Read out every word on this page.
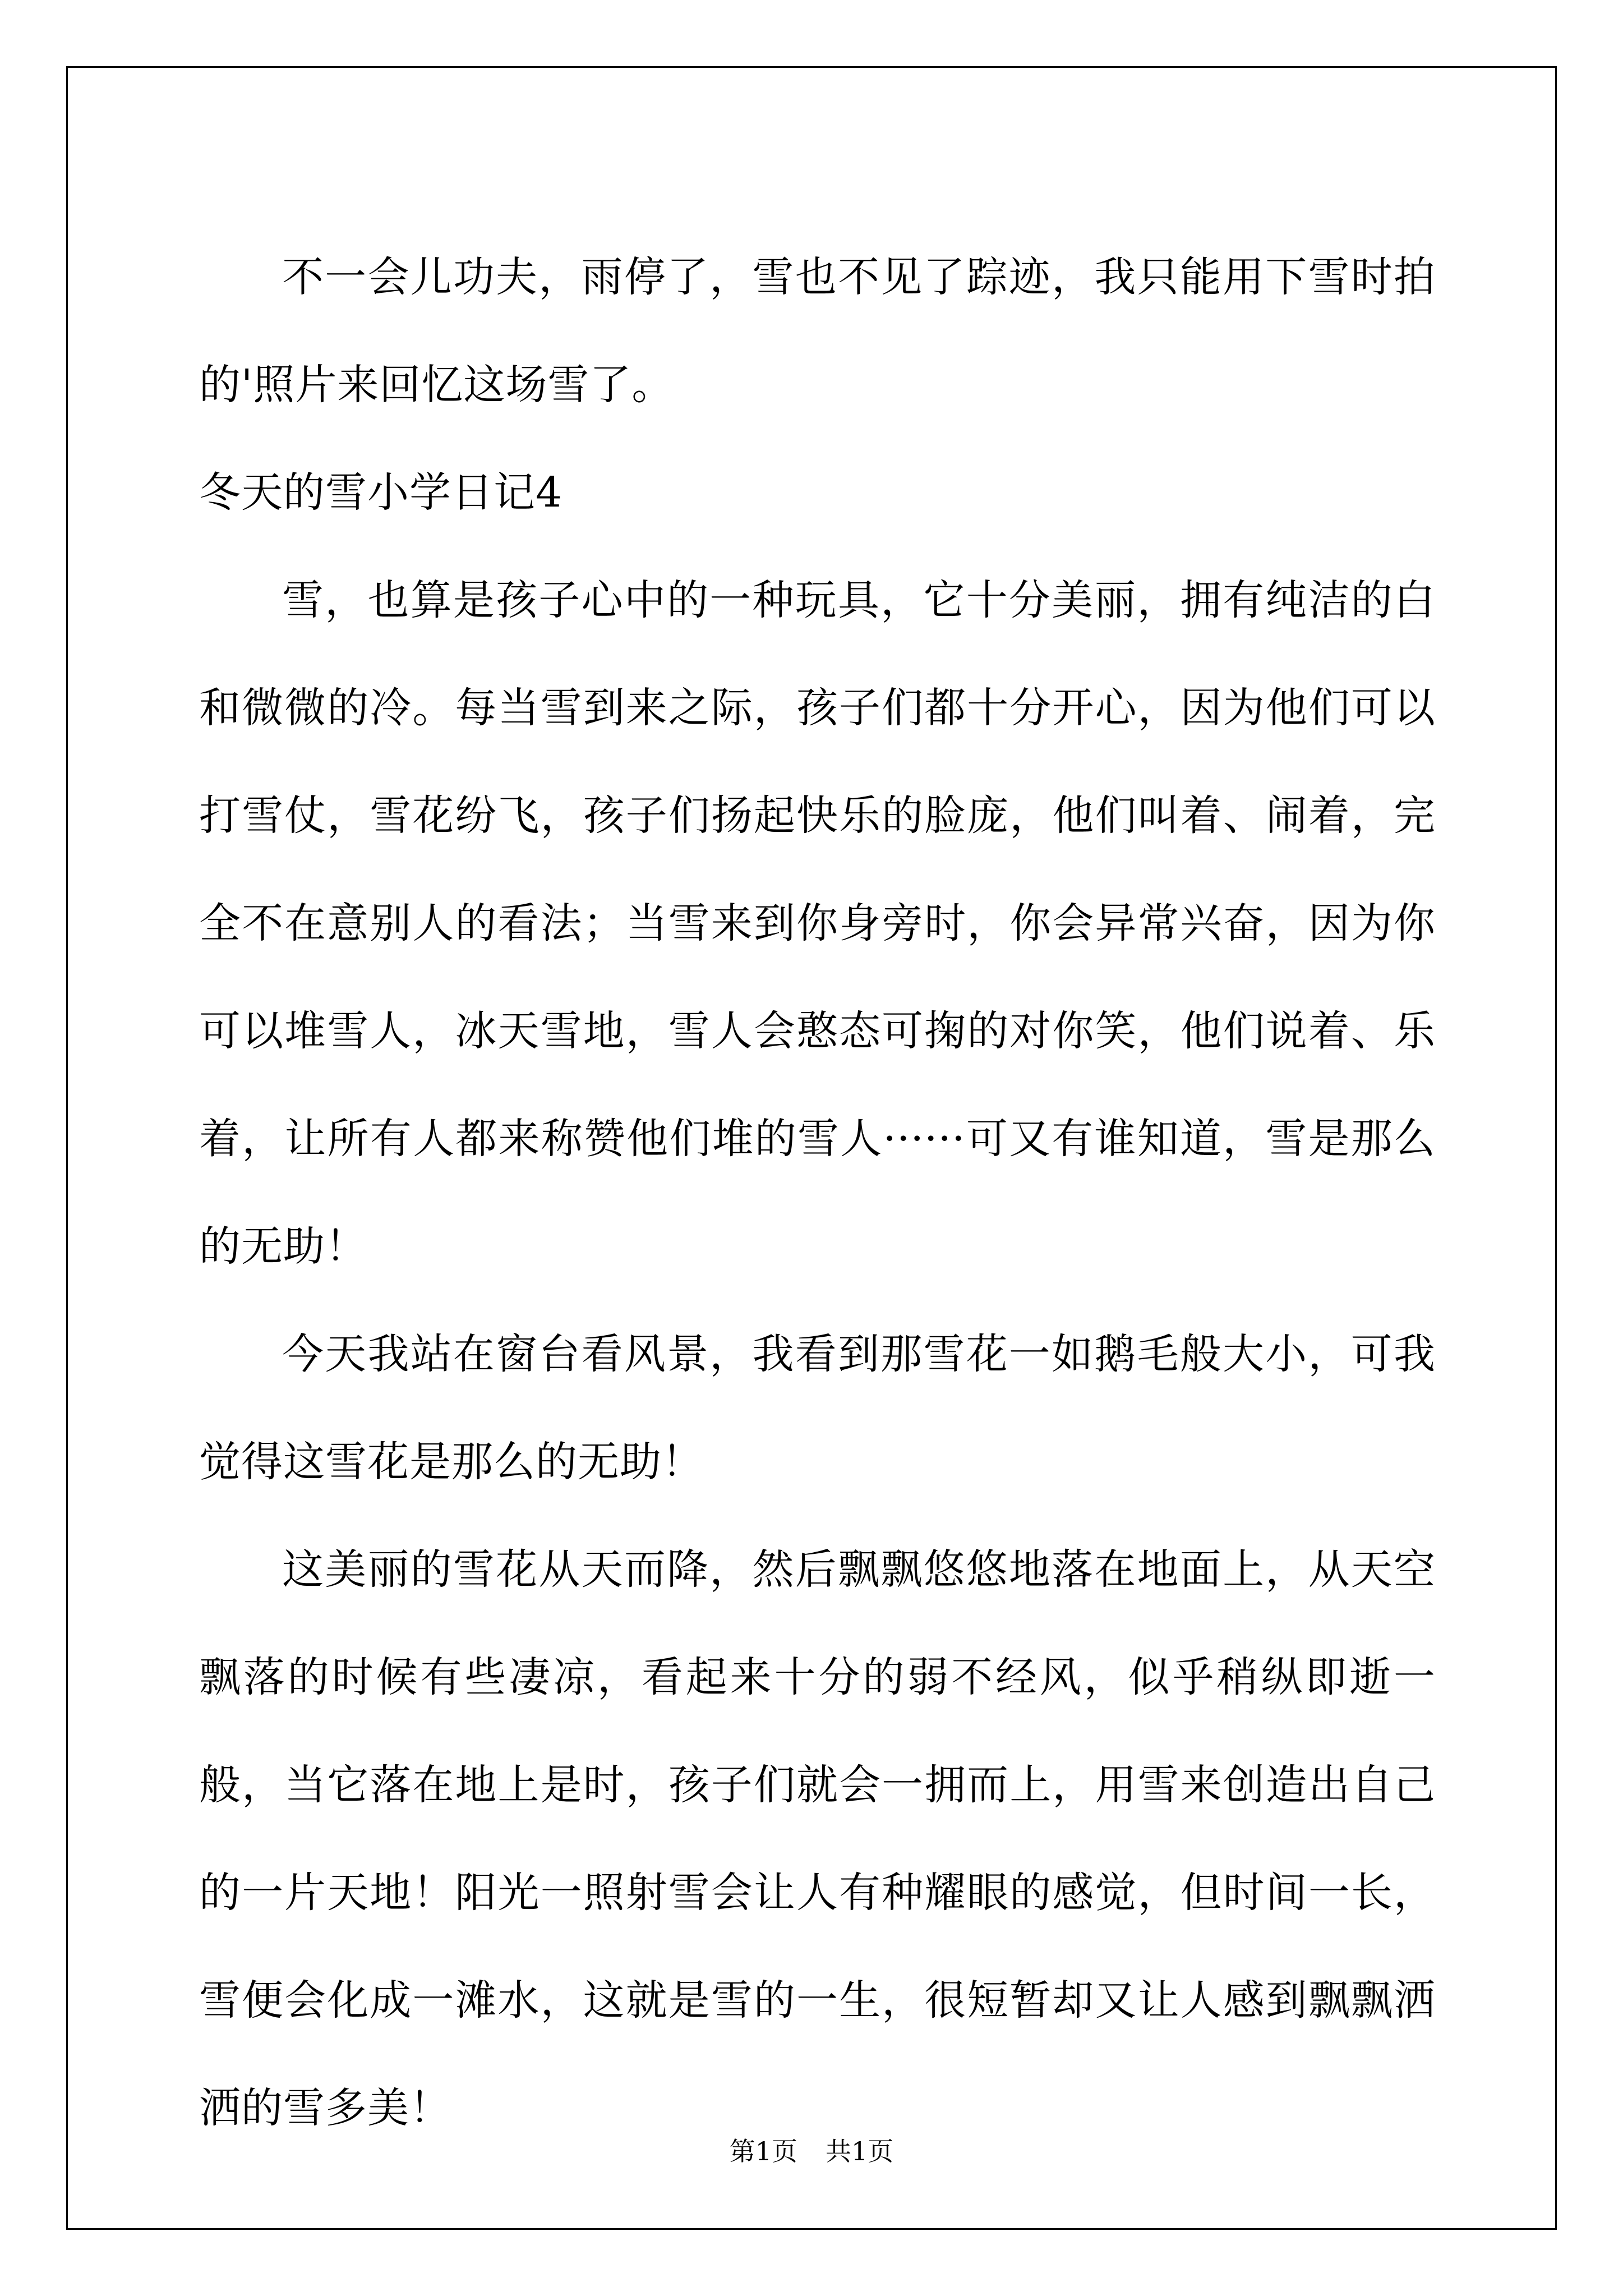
不一会儿功夫，雨停了，雪也不见了踪迹，我只能用下雪时拍的'照片来回忆这场雪了。

冬天的雪小学日记4

雪，也算是孩子心中的一种玩具，它十分美丽，拥有纯洁的白和微微的冷。每当雪到来之际，孩子们都十分开心，因为他们可以打雪仗，雪花纷飞，孩子们扬起快乐的脸庞，他们叫着、闹着，完全不在意别人的看法；当雪来到你身旁时，你会异常兴奋，因为你可以堆雪人，冰天雪地，雪人会憨态可掬的对你笑，他们说着、乐着，让所有人都来称赞他们堆的雪人······可又有谁知道，雪是那么的无助！

今天我站在窗台看风景，我看到那雪花一如鹅毛般大小，可我觉得这雪花是那么的无助！

这美丽的雪花从天而降，然后飘飘悠悠地落在地面上，从天空飘落的时候有些凄凉，看起来十分的弱不经风，似乎稍纵即逝一般，当它落在地上是时，孩子们就会一拥而上，用雪来创造出自己的一片天地！阳光一照射雪会让人有种耀眼的感觉，但时间一长，雪便会化成一滩水，这就是雪的一生，很短暂却又让人感到飘飘洒洒的雪多美！

第1页 共1页
